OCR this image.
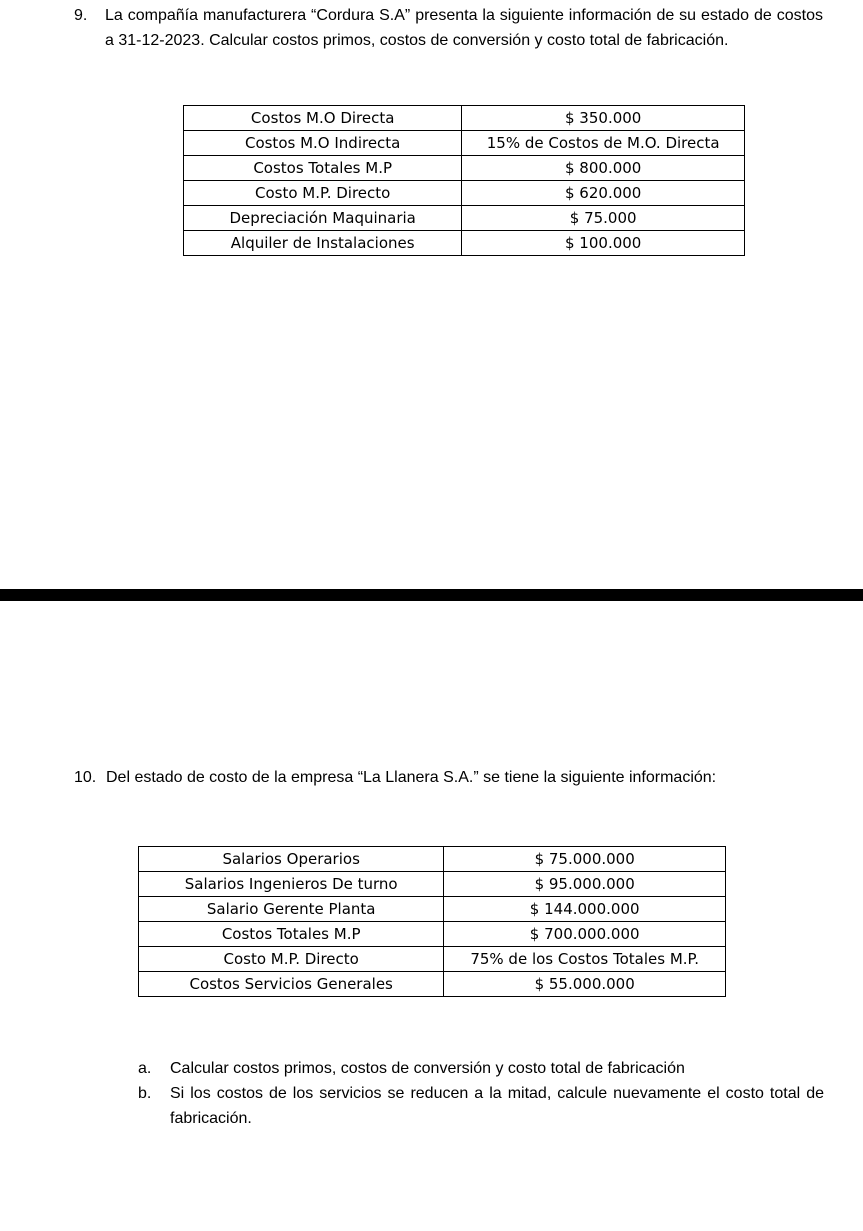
9. La compañía manufacturera “Cordura S.A” presenta la siguiente información de su estado de costos a 31-12-2023. Calcular costos primos, costos de conversión y costo total de fabricación.

Costos M.O Directa	$ 350.000
Costos M.O Indirecta	15% de Costos de M.O. Directa
Costos Totales M.P	$ 800.000
Costo M.P. Directo	$ 620.000
Depreciación Maquinaria	$ 75.000
Alquiler de Instalaciones	$ 100.000
10. Del estado de costo de la empresa “La Llanera S.A.” se tiene la siguiente información:

Salarios Operarios	$ 75.000.000
Salarios Ingenieros De turno	$ 95.000.000
Salario Gerente Planta	$ 144.000.000
Costos Totales M.P	$ 700.000.000
Costo M.P. Directo	75% de los Costos Totales M.P.
Costos Servicios Generales	$ 55.000.000
a. Calcular costos primos, costos de conversión y costo total de fabricación
b. Si los costos de los servicios se reducen a la mitad, calcule nuevamente el costo total de fabricación.
